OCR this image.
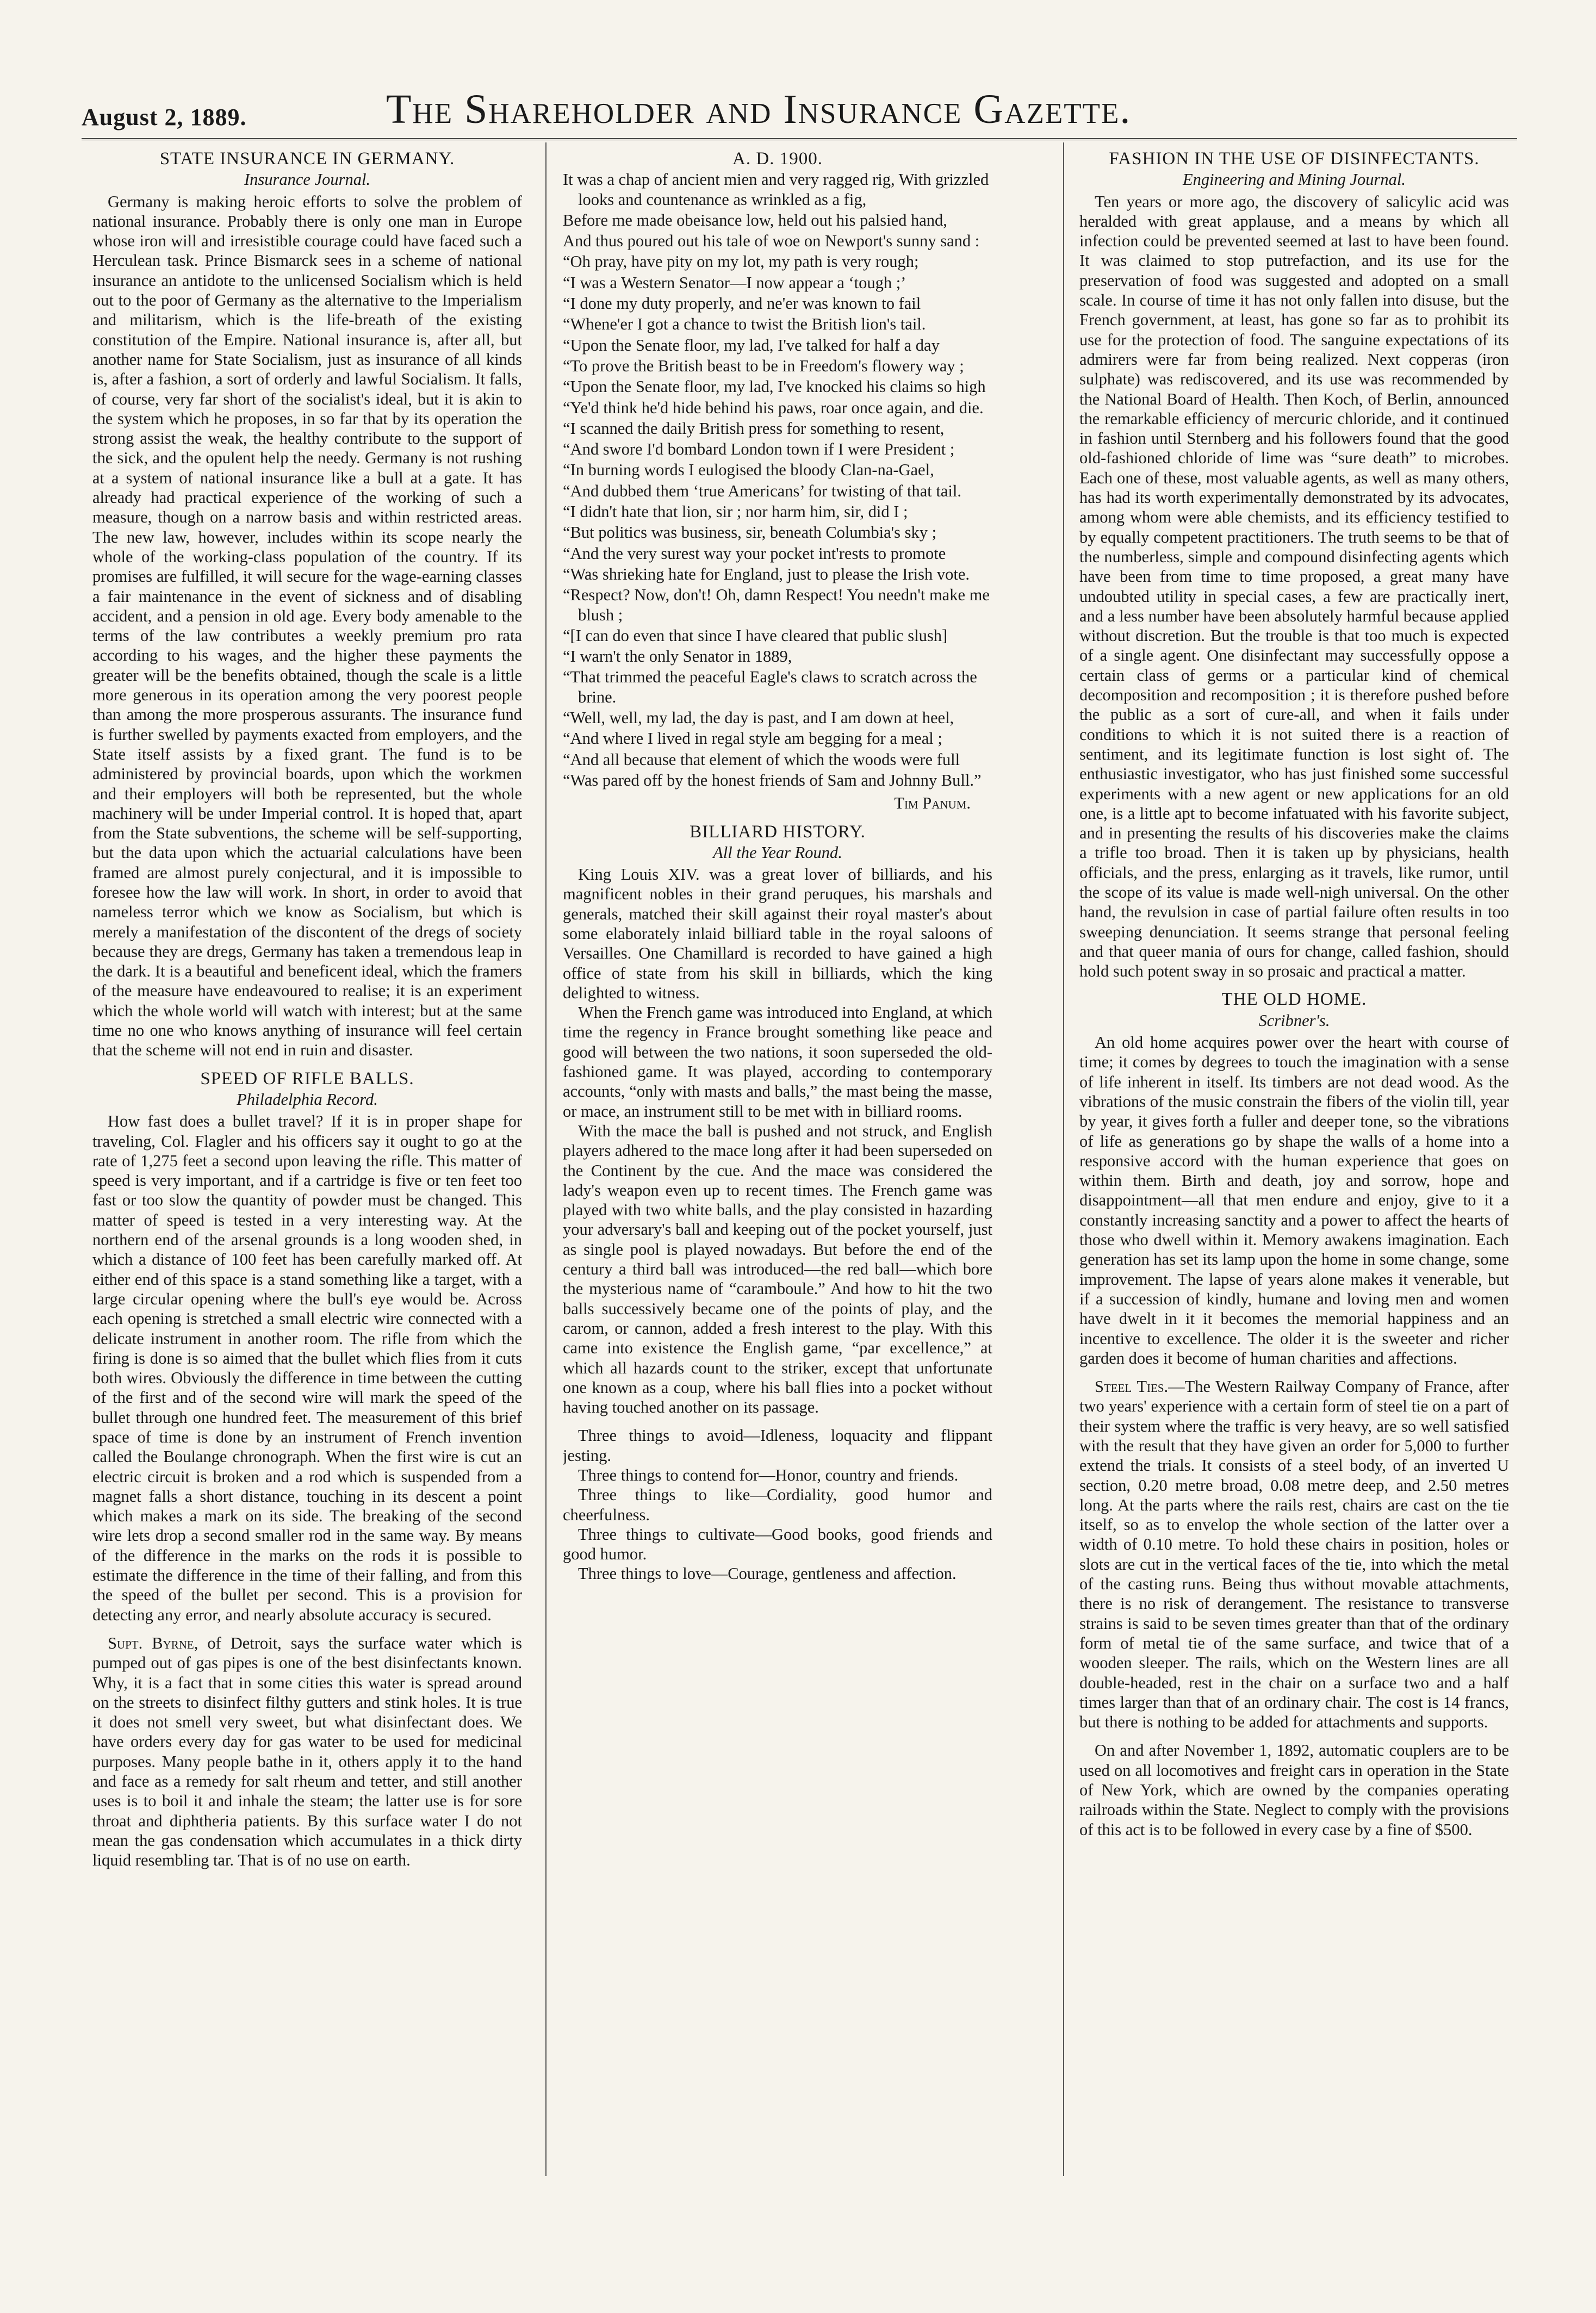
August 2, 1889.	The Shareholder and Insurance Gazette.
STATE INSURANCE IN GERMANY.
Insurance Journal.

Germany is making heroic efforts to solve the problem of national insurance. Probably there is only one man in Europe whose iron will and irresistible courage could have faced such a Herculean task. Prince Bismarck sees in a scheme of national insurance an antidote to the unlicensed Socialism which is held out to the poor of Germany as the alternative to the Imperialism and militarism, which is the life-breath of the existing constitution of the Empire. National insurance is, after all, but another name for State Socialism, just as insurance of all kinds is, after a fashion, a sort of orderly and lawful Socialism. It falls, of course, very far short of the socialist's ideal, but it is akin to the system which he proposes, in so far that by its operation the strong assist the weak, the healthy contribute to the support of the sick, and the opulent help the needy. Germany is not rushing at a system of national insurance like a bull at a gate. It has already had practical experience of the working of such a measure, though on a narrow basis and within restricted areas. The new law, however, includes within its scope nearly the whole of the working-class population of the country. If its promises are fulfilled, it will secure for the wage-earning classes a fair maintenance in the event of sickness and of disabling accident, and a pension in old age. Every body amenable to the terms of the law contributes a weekly premium pro rata according to his wages, and the higher these payments the greater will be the benefits obtained, though the scale is a little more generous in its operation among the very poorest people than among the more prosperous assurants. The insurance fund is further swelled by payments exacted from employers, and the State itself assists by a fixed grant. The fund is to be administered by provincial boards, upon which the workmen and their employers will both be represented, but the whole machinery will be under Imperial control. It is hoped that, apart from the State subventions, the scheme will be self-supporting, but the data upon which the actuarial calculations have been framed are almost purely conjectural, and it is impossible to foresee how the law will work. In short, in order to avoid that nameless terror which we know as Socialism, but which is merely a manifestation of the discontent of the dregs of society because they are dregs, Germany has taken a tremendous leap in the dark. It is a beautiful and beneficent ideal, which the framers of the measure have endeavoured to realise; it is an experiment which the whole world will watch with interest; but at the same time no one who knows anything of insurance will feel certain that the scheme will not end in ruin and disaster.

SPEED OF RIFLE BALLS.
Philadelphia Record.

How fast does a bullet travel? If it is in proper shape for traveling, Col. Flagler and his officers say it ought to go at the rate of 1,275 feet a second upon leaving the rifle. This matter of speed is very important, and if a cartridge is five or ten feet too fast or too slow the quantity of powder must be changed. This matter of speed is tested in a very interesting way. At the northern end of the arsenal grounds is a long wooden shed, in which a distance of 100 feet has been carefully marked off. At either end of this space is a stand something like a target, with a large circular opening where the bull's eye would be. Across each opening is stretched a small electric wire connected with a delicate instrument in another room. The rifle from which the firing is done is so aimed that the bullet which flies from it cuts both wires. Obviously the difference in time between the cutting of the first and of the second wire will mark the speed of the bullet through one hundred feet. The measurement of this brief space of time is done by an instrument of French invention called the Boulange chronograph. When the first wire is cut an electric circuit is broken and a rod which is suspended from a magnet falls a short distance, touching in its descent a point which makes a mark on its side. The breaking of the second wire lets drop a second smaller rod in the same way. By means of the difference in the marks on the rods it is possible to estimate the difference in the time of their falling, and from this the speed of the bullet per second. This is a provision for detecting any error, and nearly absolute accuracy is secured.

Supt. Byrne, of Detroit, says the surface water which is pumped out of gas pipes is one of the best disinfectants known. Why, it is a fact that in some cities this water is spread around on the streets to disinfect filthy gutters and stink holes. It is true it does not smell very sweet, but what disinfectant does. We have orders every day for gas water to be used for medicinal purposes. Many people bathe in it, others apply it to the hand and face as a remedy for salt rheum and tetter, and still another uses is to boil it and inhale the steam; the latter use is for sore throat and diphtheria patients. By this surface water I do not mean the gas condensation which accumulates in a thick dirty liquid resembling tar. That is of no use on earth.

A. D. 1900.
It was a chap of ancient mien and very ragged rig, With grizzled looks and countenance as wrinkled as a fig,
Before me made obeisance low, held out his palsied hand,
And thus poured out his tale of woe on Newport's sunny sand :
“Oh pray, have pity on my lot, my path is very rough;
“I was a Western Senator—I now appear a ‘tough ;’
“I done my duty properly, and ne'er was known to fail
“Whene'er I got a chance to twist the British lion's tail.
“Upon the Senate floor, my lad, I've talked for half a day
“To prove the British beast to be in Freedom's flowery way ;
“Upon the Senate floor, my lad, I've knocked his claims so high
“Ye'd think he'd hide behind his paws, roar once again, and die.
“I scanned the daily British press for something to resent,
“And swore I'd bombard London town if I were President ;
“In burning words I eulogised the bloody Clan-na-Gael,
“And dubbed them ‘true Americans’ for twisting of that tail.
“I didn't hate that lion, sir ; nor harm him, sir, did I ;
“But politics was business, sir, beneath Columbia's sky ;
“And the very surest way your pocket int'rests to promote
“Was shrieking hate for England, just to please the Irish vote.
“Respect? Now, don't! Oh, damn Respect! You needn't make me blush ;
“[I can do even that since I have cleared that public slush]
“I warn't the only Senator in 1889,
“That trimmed the peaceful Eagle's claws to scratch across the brine.
“Well, well, my lad, the day is past, and I am down at heel,
“And where I lived in regal style am begging for a meal ;
“And all because that element of which the woods were full
“Was pared off by the honest friends of Sam and Johnny Bull.”
Tim Panum.
BILLIARD HISTORY.
All the Year Round.

King Louis XIV. was a great lover of billiards, and his magnificent nobles in their grand peruques, his marshals and generals, matched their skill against their royal master's about some elaborately inlaid billiard table in the royal saloons of Versailles. One Chamillard is recorded to have gained a high office of state from his skill in billiards, which the king delighted to witness.

When the French game was introduced into England, at which time the regency in France brought something like peace and good will between the two nations, it soon superseded the old-fashioned game. It was played, according to contemporary accounts, “only with masts and balls,” the mast being the masse, or mace, an instrument still to be met with in billiard rooms.

With the mace the ball is pushed and not struck, and English players adhered to the mace long after it had been superseded on the Continent by the cue. And the mace was considered the lady's weapon even up to recent times. The French game was played with two white balls, and the play consisted in hazarding your adversary's ball and keeping out of the pocket yourself, just as single pool is played nowadays. But before the end of the century a third ball was introduced—the red ball—which bore the mysterious name of “caramboule.” And how to hit the two balls successively became one of the points of play, and the carom, or cannon, added a fresh interest to the play. With this came into existence the English game, “par excellence,” at which all hazards count to the striker, except that unfortunate one known as a coup, where his ball flies into a pocket without having touched another on its passage.

Three things to avoid—Idleness, loquacity and flippant jesting.

Three things to contend for—Honor, country and friends.

Three things to like—Cordiality, good humor and cheerfulness.

Three things to cultivate—Good books, good friends and good humor.

Three things to love—Courage, gentleness and affection.

FASHION IN THE USE OF DISINFECTANTS.
Engineering and Mining Journal.

Ten years or more ago, the discovery of salicylic acid was heralded with great applause, and a means by which all infection could be prevented seemed at last to have been found. It was claimed to stop putrefaction, and its use for the preservation of food was suggested and adopted on a small scale. In course of time it has not only fallen into disuse, but the French government, at least, has gone so far as to prohibit its use for the protection of food. The sanguine expectations of its admirers were far from being realized. Next copperas (iron sulphate) was rediscovered, and its use was recommended by the National Board of Health. Then Koch, of Berlin, announced the remarkable efficiency of mercuric chloride, and it continued in fashion until Sternberg and his followers found that the good old-fashioned chloride of lime was “sure death” to microbes. Each one of these, most valuable agents, as well as many others, has had its worth experimentally demonstrated by its advocates, among whom were able chemists, and its efficiency testified to by equally competent practitioners. The truth seems to be that of the numberless, simple and compound disinfecting agents which have been from time to time proposed, a great many have undoubted utility in special cases, a few are practically inert, and a less number have been absolutely harmful because applied without discretion. But the trouble is that too much is expected of a single agent. One disinfectant may successfully oppose a certain class of germs or a particular kind of chemical decomposition and recomposition ; it is therefore pushed before the public as a sort of cure-all, and when it fails under conditions to which it is not suited there is a reaction of sentiment, and its legitimate function is lost sight of. The enthusiastic investigator, who has just finished some successful experiments with a new agent or new applications for an old one, is a little apt to become infatuated with his favorite subject, and in presenting the results of his discoveries make the claims a trifle too broad. Then it is taken up by physicians, health officials, and the press, enlarging as it travels, like rumor, until the scope of its value is made well-nigh universal. On the other hand, the revulsion in case of partial failure often results in too sweeping denunciation. It seems strange that personal feeling and that queer mania of ours for change, called fashion, should hold such potent sway in so prosaic and practical a matter.

THE OLD HOME.
Scribner's.

An old home acquires power over the heart with course of time; it comes by degrees to touch the imagination with a sense of life inherent in itself. Its timbers are not dead wood. As the vibrations of the music constrain the fibers of the violin till, year by year, it gives forth a fuller and deeper tone, so the vibrations of life as generations go by shape the walls of a home into a responsive accord with the human experience that goes on within them. Birth and death, joy and sorrow, hope and disappointment—all that men endure and enjoy, give to it a constantly increasing sanctity and a power to affect the hearts of those who dwell within it. Memory awakens imagination. Each generation has set its lamp upon the home in some change, some improvement. The lapse of years alone makes it venerable, but if a succession of kindly, humane and loving men and women have dwelt in it it becomes the memorial happiness and an incentive to excellence. The older it is the sweeter and richer garden does it become of human charities and affections.

Steel Ties.—The Western Railway Company of France, after two years' experience with a certain form of steel tie on a part of their system where the traffic is very heavy, are so well satisfied with the result that they have given an order for 5,000 to further extend the trials. It consists of a steel body, of an inverted U section, 0.20 metre broad, 0.08 metre deep, and 2.50 metres long. At the parts where the rails rest, chairs are cast on the tie itself, so as to envelop the whole section of the latter over a width of 0.10 metre. To hold these chairs in position, holes or slots are cut in the vertical faces of the tie, into which the metal of the casting runs. Being thus without movable attachments, there is no risk of derangement. The resistance to transverse strains is said to be seven times greater than that of the ordinary form of metal tie of the same surface, and twice that of a wooden sleeper. The rails, which on the Western lines are all double-headed, rest in the chair on a surface two and a half times larger than that of an ordinary chair. The cost is 14 francs, but there is nothing to be added for attachments and supports.

On and after November 1, 1892, automatic couplers are to be used on all locomotives and freight cars in operation in the State of New York, which are owned by the companies operating railroads within the State. Neglect to comply with the provisions of this act is to be followed in every case by a fine of $500.
